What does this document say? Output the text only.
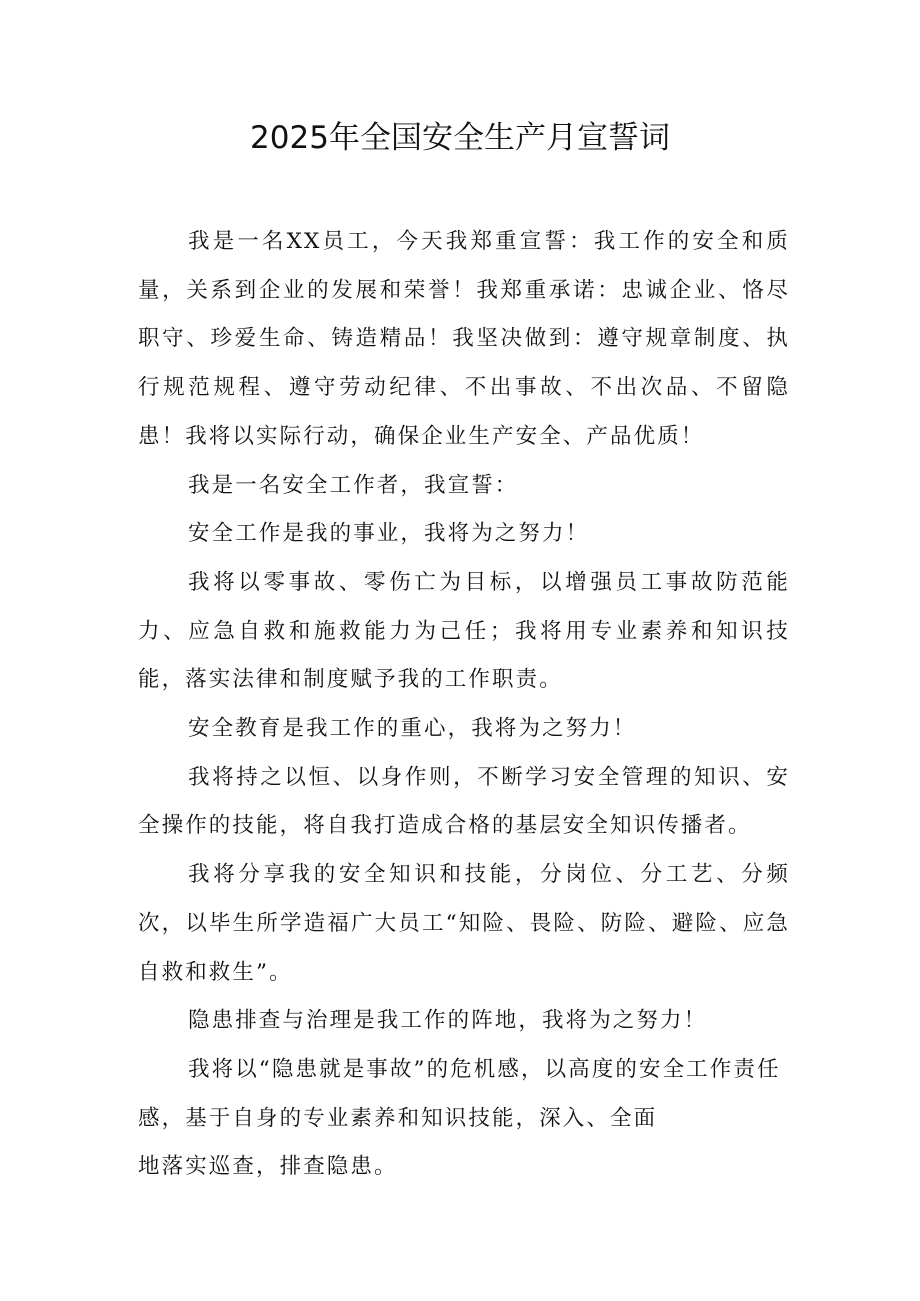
2025年全国安全生产月宣誓词

我是一名XX员工，今天我郑重宣誓：我工作的安全和质量，关系到企业的发展和荣誉！我郑重承诺：忠诚企业、恪尽职守、珍爱生命、铸造精品！我坚决做到：遵守规章制度、执行规范规程、遵守劳动纪律、不出事故、不出次品、不留隐患！我将以实际行动，确保企业生产安全、产品优质！

我是一名安全工作者，我宣誓：

安全工作是我的事业，我将为之努力！

我将以零事故、零伤亡为目标，以增强员工事故防范能力、应急自救和施救能力为己任；我将用专业素养和知识技能，落实法律和制度赋予我的工作职责。

安全教育是我工作的重心，我将为之努力！

我将持之以恒、以身作则，不断学习安全管理的知识、安全操作的技能，将自我打造成合格的基层安全知识传播者。

我将分享我的安全知识和技能，分岗位、分工艺、分频次，以毕生所学造福广大员工“知险、畏险、防险、避险、应急自救和救生”。

隐患排查与治理是我工作的阵地，我将为之努力！

我将以“隐患就是事故”的危机感，以高度的安全工作责任感，基于自身的专业素养和知识技能，深入、全面

地落实巡查，排查隐患。
